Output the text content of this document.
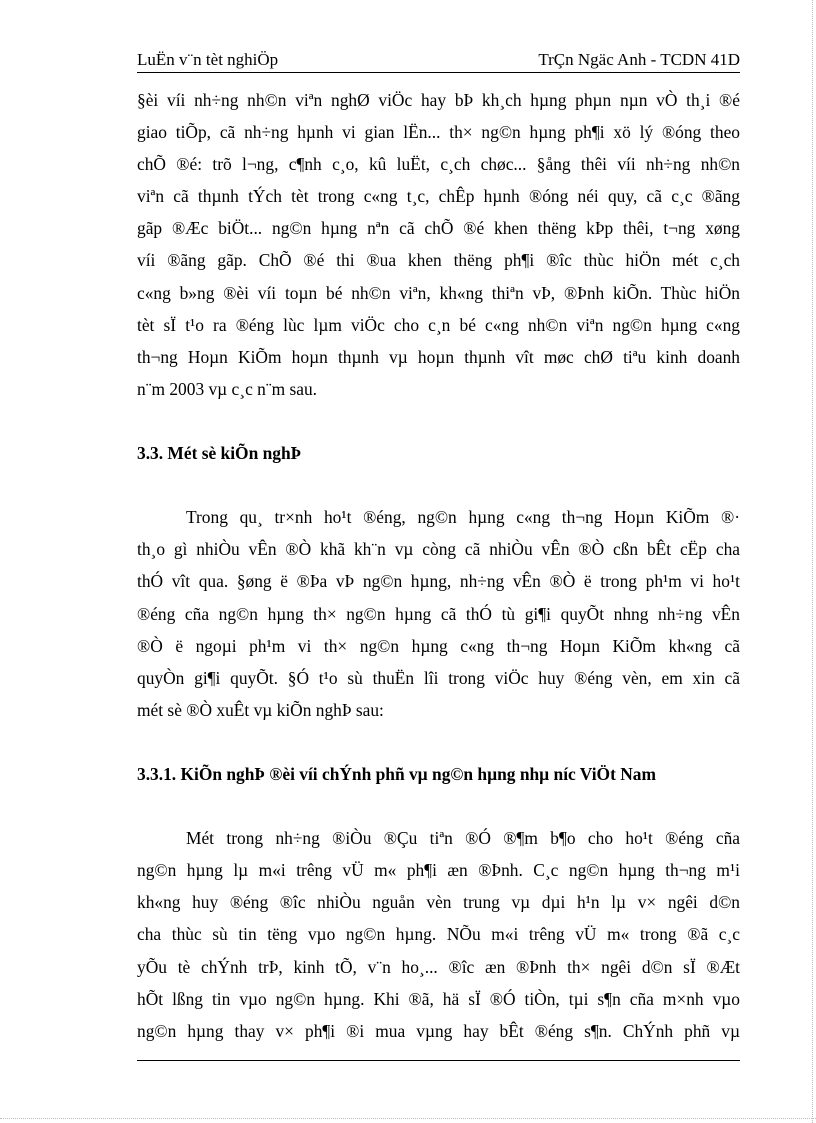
LuËn v¨n tèt nghiÖp	TrÇn Ngäc Anh - TCDN 41D
§èi víi nh÷ng nh©n viªn nghØ viÖc hay bÞ kh¸ch hµng phµn nµn vÒ th¸i ®é
giao tiÕp, cã nh÷ng hµnh vi gian lËn... th× ng©n hµng ph¶i xö lý ®óng theo
chÕ ®é: trõ l¬ng, c¶nh c¸o, kû luËt, c¸ch chøc... §ång thêi víi nh÷ng nh©n
viªn cã thµnh tÝch tèt trong c«ng t¸c, chÊp hµnh ®óng néi quy, cã c¸c ®ãng
gãp ®Æc biÖt... ng©n hµng nªn cã chÕ ®é khen thëng kÞp thêi, t¬ng xøng
víi ®ãng gãp. ChÕ ®é thi ®ua khen thëng ph¶i ®îc thùc hiÖn mét c¸ch
c«ng b»ng ®èi víi toµn bé nh©n viªn, kh«ng thiªn vÞ, ®Þnh kiÕn. Thùc hiÖn
tèt sÏ t¹o ra ®éng lùc lµm viÖc cho c¸n bé c«ng nh©n viªn ng©n hµng c«ng
th¬ng Hoµn KiÕm hoµn thµnh vµ hoµn thµnh vît møc chØ tiªu kinh doanh
n¨m 2003 vµ c¸c n¨m sau.
3.3. Mét sè kiÕn nghÞ
Trong qu¸ tr×nh ho¹t ®éng, ng©n hµng c«ng th¬ng Hoµn KiÕm ®·
th¸o gì nhiÒu vÊn ®Ò khã kh¨n vµ còng cã nhiÒu vÊn ®Ò cßn bÊt cËp cha
thÓ vît qua. §øng ë ®Þa vÞ ng©n hµng, nh÷ng vÊn ®Ò ë trong ph¹m vi ho¹t
®éng cña ng©n hµng th× ng©n hµng cã thÓ tù gi¶i quyÕt nhng nh÷ng vÊn
®Ò ë ngoµi ph¹m vi th× ng©n hµng c«ng th¬ng Hoµn KiÕm kh«ng cã
quyÒn gi¶i quyÕt. §Ó t¹o sù thuËn lîi trong viÖc huy ®éng vèn, em xin cã
mét sè ®Ò xuÊt vµ kiÕn nghÞ sau:
3.3.1. KiÕn nghÞ ®èi víi chÝnh phñ vµ ng©n hµng nhµ níc ViÖt Nam
Mét trong nh÷ng ®iÒu ®Çu tiªn ®Ó ®¶m b¶o cho ho¹t ®éng cña
ng©n hµng lµ m«i trêng vÜ m« ph¶i æn ®Þnh. C¸c ng©n hµng th¬ng m¹i
kh«ng huy ®éng ®îc nhiÒu nguån vèn trung vµ dµi h¹n lµ v× ngêi d©n
cha thùc sù tin tëng vµo ng©n hµng. NÕu m«i trêng vÜ m« trong ®ã c¸c
yÕu tè chÝnh trÞ, kinh tÕ, v¨n ho¸... ®îc æn ®Þnh th× ngêi d©n sÏ ®Æt
hÕt lßng tin vµo ng©n hµng. Khi ®ã, hä sÏ ®Ó tiÒn, tµi s¶n cña m×nh vµo
ng©n hµng thay v× ph¶i ®i mua vµng hay bÊt ®éng s¶n. ChÝnh phñ vµ
